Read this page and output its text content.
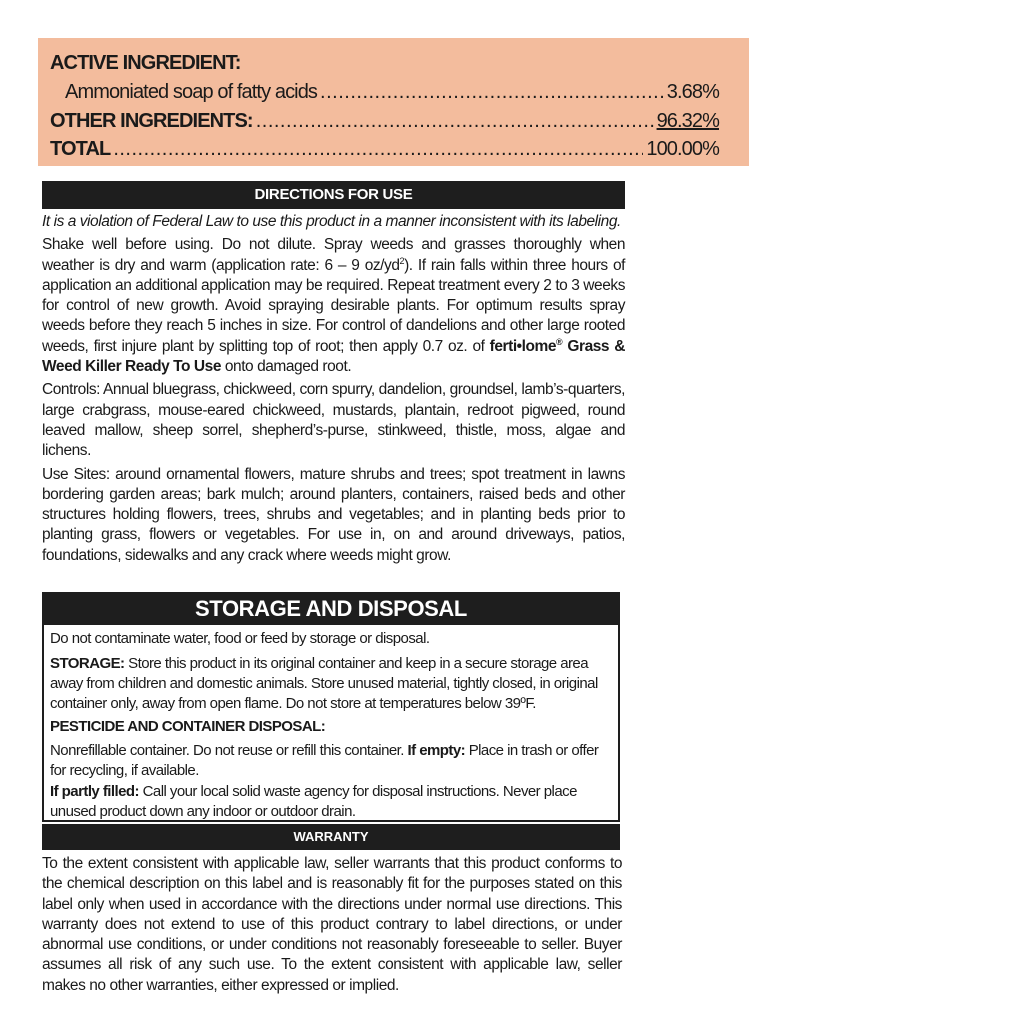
ACTIVE INGREDIENT:
Ammoniated soap of fatty acids .....	3.68%
OTHER INGREDIENTS: .....	96.32%
TOTAL .....	100.00%
DIRECTIONS FOR USE

It is a violation of Federal Law to use this product in a manner inconsistent with its labeling.

Shake well before using. Do not dilute. Spray weeds and grasses thoroughly when weather is dry and warm (application rate: 6 – 9 $oz/yd^2$). If rain falls within three hours of application an additional application may be required. Repeat treatment every 2 to 3 weeks for control of new growth. Avoid spraying desirable plants. For optimum results spray weeds before they reach 5 inches in size. For control of dandelions and other large rooted weeds, first injure plant by splitting top of root; then apply 0.7 oz. of ferti•lome® Grass & Weed Killer Ready To Use onto damaged root.

Controls: Annual bluegrass, chickweed, corn spurry, dandelion, groundsel, lamb’s-quarters, large crabgrass, mouse-eared chickweed, mustards, plantain, redroot pigweed, round leaved mallow, sheep sorrel, shepherd’s-purse, stinkweed, thistle, moss, algae and lichens.

Use Sites: around ornamental flowers, mature shrubs and trees; spot treatment in lawns bordering garden areas; bark mulch; around planters, containers, raised beds and other structures holding flowers, trees, shrubs and vegetables; and in planting beds prior to planting grass, flowers or vegetables. For use in, on and around driveways, patios, foundations, sidewalks and any crack where weeds might grow.

STORAGE AND DISPOSAL
Do not contaminate water, food or feed by storage or disposal.
STORAGE: Store this product in its original container and keep in a secure storage area away from children and domestic animals. Store unused material, tightly closed, in original container only, away from open flame. Do not store at temperatures below 39ºF.
PESTICIDE AND CONTAINER DISPOSAL:
Nonrefillable container. Do not reuse or refill this container. If empty: Place in trash or offer for recycling, if available.
If partly filled: Call your local solid waste agency for disposal instructions. Never place unused product down any indoor or outdoor drain.
WARRANTY

To the extent consistent with applicable law, seller warrants that this product conforms to the chemical description on this label and is reasonably fit for the purposes stated on this label only when used in accordance with the directions under normal use directions. This warranty does not extend to use of this product contrary to label directions, or under abnormal use conditions, or under conditions not reasonably foreseeable to seller. Buyer assumes all risk of any such use. To the extent consistent with applicable law, seller makes no other warranties, either expressed or implied.
